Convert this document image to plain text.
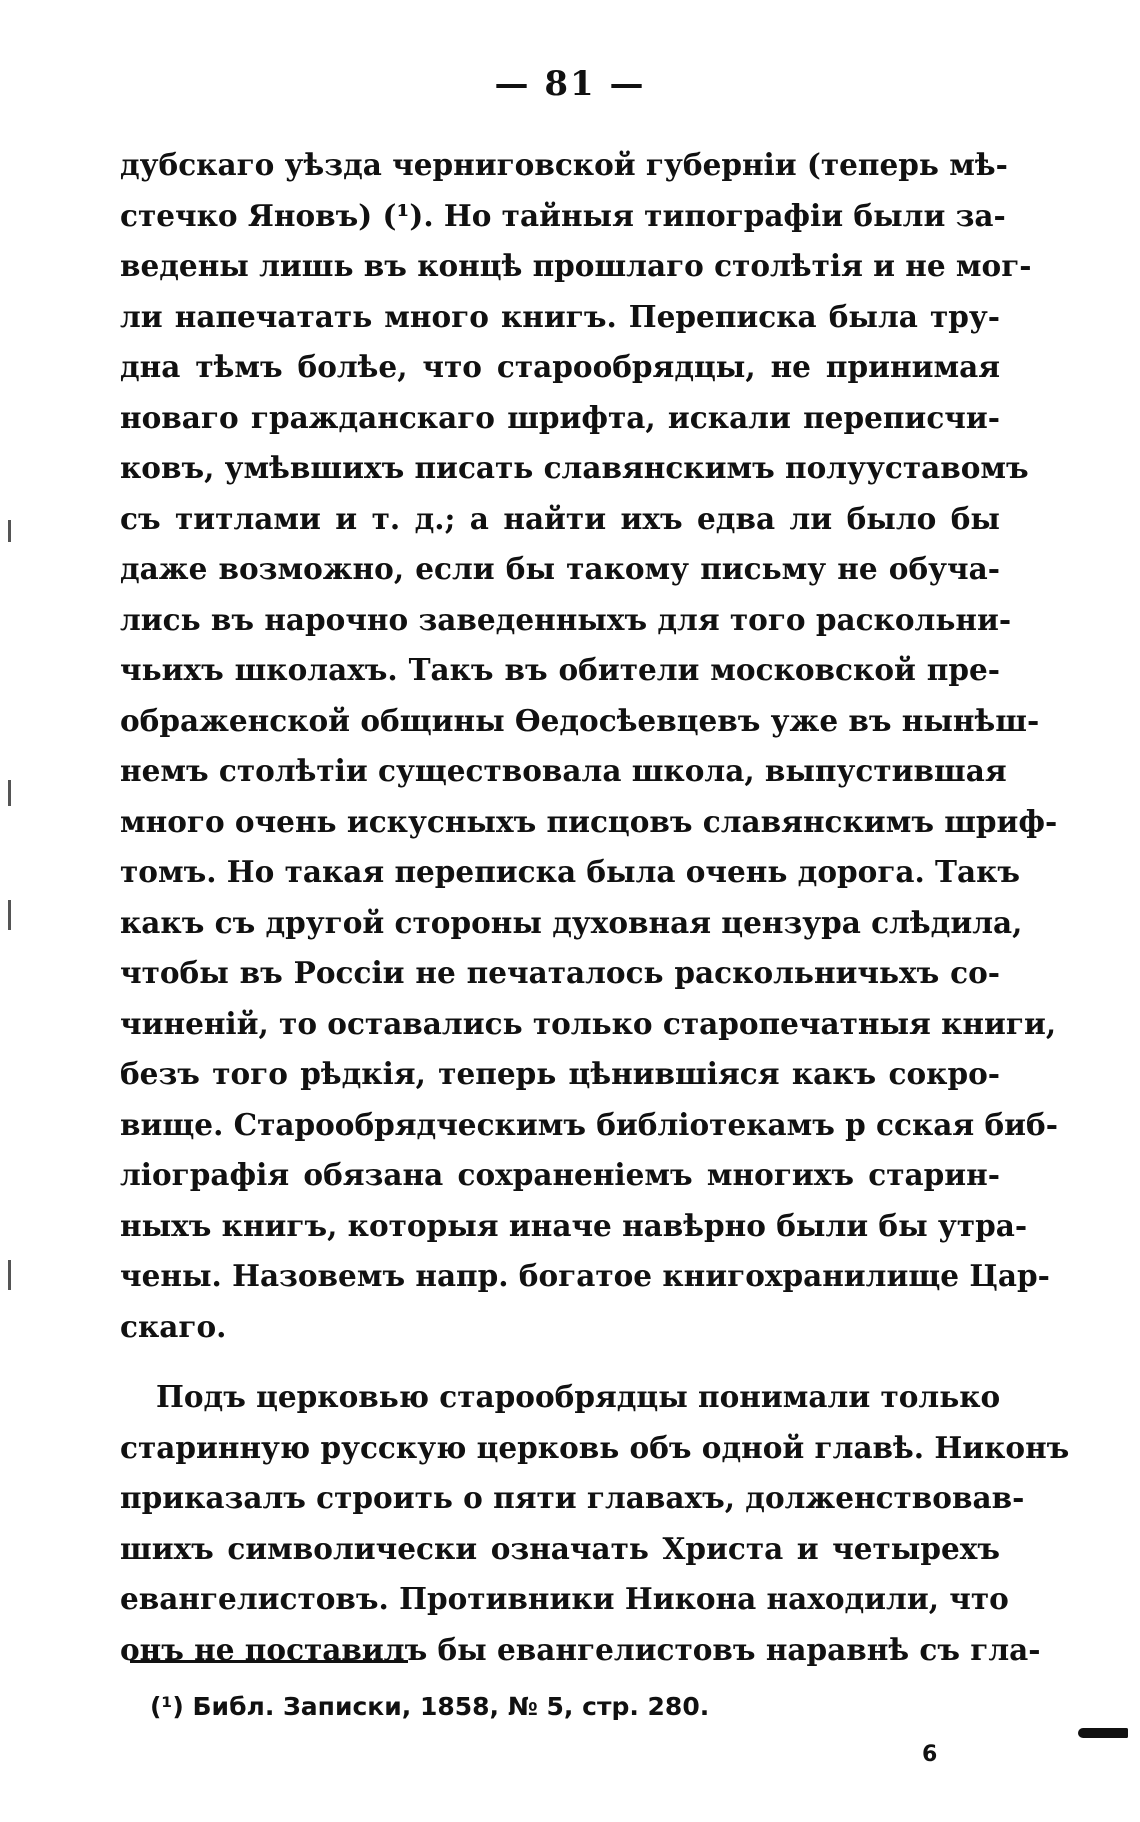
— 81 —
дубскаго уѣзда черниговской губерніи (теперь мѣ-
стечко Яновъ) (¹). Но тайныя типографіи были за-
ведены лишь въ концѣ прошлаго столѣтія и не мог-
ли напечатать много книгъ. Переписка была тру-
дна тѣмъ болѣе, что старообрядцы, не принимая
новаго гражданскаго шрифта, искали переписчи-
ковъ, умѣвшихъ писать славянскимъ полууставомъ
съ титлами и т. д.; а найти ихъ едва ли было бы
даже возможно, если бы такому письму не обуча-
лись въ нарочно заведенныхъ для того раскольни-
чьихъ школахъ. Такъ въ обители московской пре-
ображенской общины Ѳедосѣевцевъ уже въ нынѣш-
немъ столѣтіи существовала школа, выпустившая
много очень искусныхъ писцовъ славянскимъ шриф-
томъ. Но такая переписка была очень дорога. Такъ
какъ съ другой стороны духовная цензура слѣдила,
чтобы въ Россіи не печаталось раскольничьхъ со-
чиненій, то оставались только старопечатныя книги,
безъ того рѣдкія, теперь цѣнившіяся какъ сокро-
вище. Старообрядческимъ библіотекамъ р сская биб-
ліографія обязана сохраненіемъ многихъ старин-
ныхъ книгъ, которыя иначе навѣрно были бы утра-
чены. Назовемъ напр. богатое книгохранилище Цар-
скаго.
Подъ церковью старообрядцы понимали только
старинную русскую церковь объ одной главѣ. Никонъ
приказалъ строить о пяти главахъ, долженствовав-
шихъ символически означать Христа и четырехъ
евангелистовъ. Противники Никона находили, что
онъ не поставилъ бы евангелистовъ наравнѣ съ гла-
(¹) Библ. Записки, 1858, № 5, стр. 280.
6
